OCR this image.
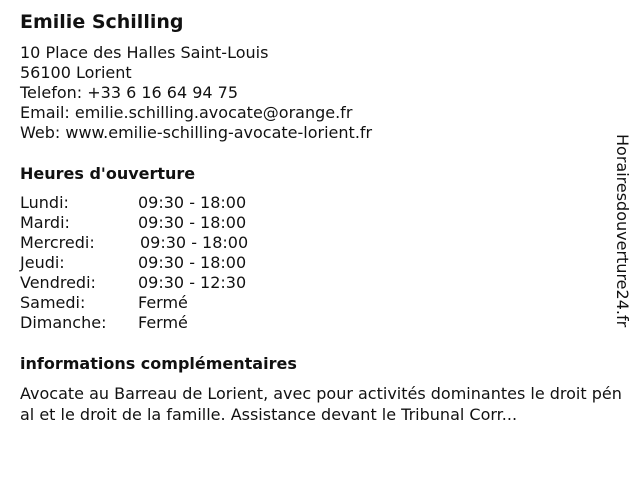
Emilie Schilling
10 Place des Halles Saint-Louis
56100 Lorient
Telefon: +33 6 16 64 94 75
Email: emilie.schilling.avocate@orange.fr
Web: www.emilie-schilling-avocate-lorient.fr
Heures d'ouverture
Lundi:	09:30 - 18:00
Mardi:	09:30 - 18:00
Mercredi:	09:30 - 18:00
Jeudi:	09:30 - 18:00
Vendredi:	09:30 - 12:30
Samedi:	Fermé
Dimanche: Fermé
informations complémentaires
Avocate au Barreau de Lorient, avec pour activités dominantes le droit pénal et le droit de la famille. Assistance devant le Tribunal Corr...
Horairesdouverture24.fr
